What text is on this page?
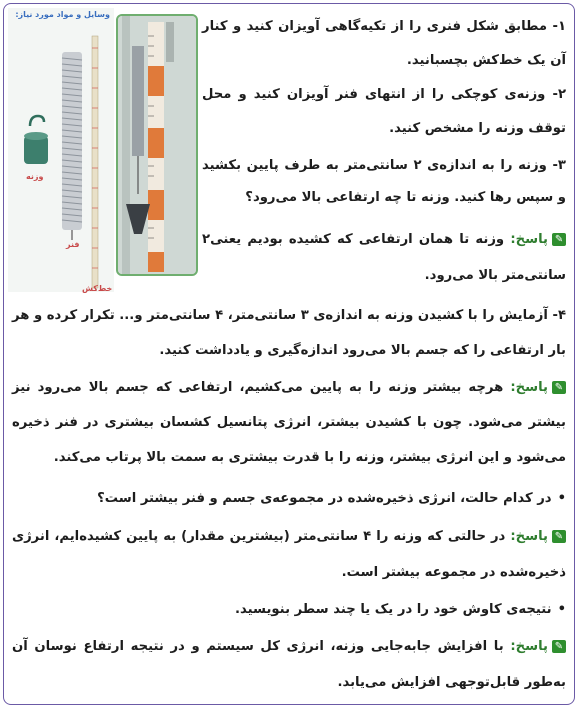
وسایل و مواد مورد نیاز:
وزنه
فنر
خط‌کش
۱- مطابق شکل فنری را از تکیه‌گاهی آویزان کنید و کنار آن یک خط‌کش بچسبانید.
۲- وزنه‌ی کوچکی را از انتهای فنر آویزان کنید و محل توقف وزنه را مشخص کنید.
۳- وزنه را به اندازه‌ی ۲ سانتی‌متر به طرف پایین بکشید و سپس رها کنید. وزنه تا چه ارتفاعی بالا می‌رود؟
✎پاسخ: وزنه تا همان ارتفاعی که کشیده بودیم یعنی۲ سانتی‌متر بالا می‌رود.
۴- آزمایش را با کشیدن وزنه به اندازه‌ی ۳ سانتی‌متر، ۴ سانتی‌متر و... تکرار کرده و هر بار ارتفاعی را که جسم بالا می‌رود اندازه‌گیری و یادداشت کنید.
✎پاسخ: هرچه بیشتر وزنه را به پایین می‌کشیم، ارتفاعی که جسم بالا می‌رود نیز بیشتر می‌شود. چون با کشیدن بیشتر، انرژی پتانسیل کشسان بیشتری در فنر ذخیره می‌شود و این انرژی بیشتر، وزنه را با قدرت بیشتری به سمت بالا پرتاب می‌کند.
•در کدام حالت، انرژی ذخیره‌شده در مجموعه‌ی جسم و فنر بیشتر است؟
✎پاسخ: در حالتی که وزنه را ۴ سانتی‌متر (بیشترین مقدار) به پایین کشیده‌ایم، انرژی ذخیره‌شده در مجموعه بیشتر است.
•نتیجه‌ی کاوش خود را در یک یا چند سطر بنویسید.
✎پاسخ: با افزایش جابه‌جایی وزنه، انرژی کل سیستم و در نتیجه ارتفاع نوسان آن به‌طور قابل‌توجهی افزایش می‌یابد.
